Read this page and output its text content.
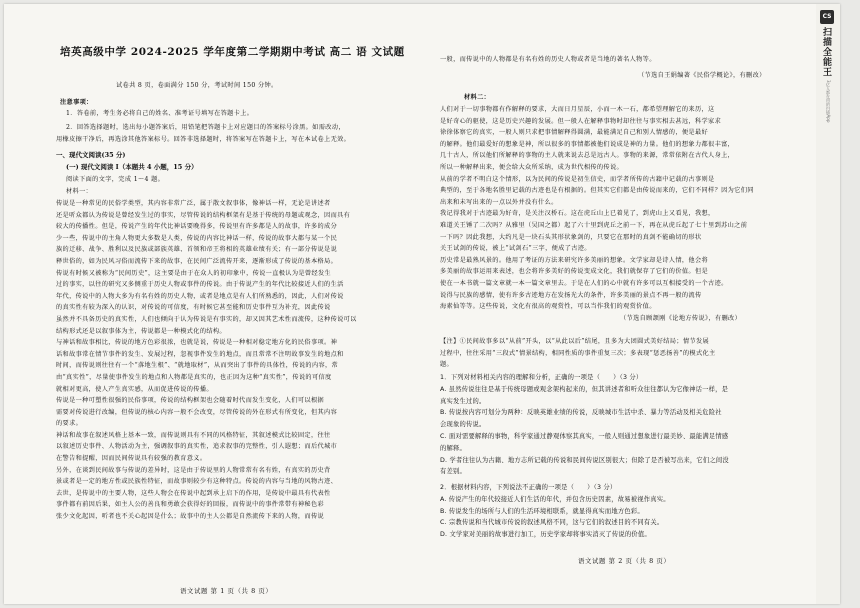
培英高级中学 2024-2025 学年度第二学期期中考试 高二 语 文试题
试卷共 8 页，卷面满分 150 分，考试时间 150 分钟。
注意事项：
1．答卷前，考生务必将自己的姓名、准考证号填写在答题卡上。
2．回答选择题时，选出每小题答案后，用铅笔把答题卡上对应题目的答案标号涂黑。如需改动，
用橡皮擦干净后，再选涂其他答案标号。回答非选择题时，将答案写在答题卡上，写在本试卷上无效。
一、现代文阅读(35 分)
(一) 现代文阅读 I（本题共 4 小题，15 分）
阅读下面的文字，完成 1～4 题。
材料一：
传说是一种常见的民俗学类型，其内容非常广泛，属于散文叙事体，像神话一样，无论是讲述者
还是听众都认为传说是曾经发生过的事实，尽管传说的结构框架有是基于传统的母题或观念，因而具有
较大的传播性。但是，传说产生的年代比神话要晚得多，传说里有许多都是人的故事，许多的成分
少一些，传说中的主角人物更大多数是人类，传说的内容比神话一样，传说的故事大都与某一个民
族的迁移、战争、胜利以及民族或部族英雄、首领和帝王将相的英雄业绩有关；有一部分传说是说
释世俗的，如为民风习俗而流传下来的故事，在民间广泛流传开来，逐渐形成了传说的基本格局。
传说有时候又被称为“民间历史”，这主要是由于在众人的初印象中，传说一直极认为是曾经发生
过的事实，以往的研究又多侧重于历史人物或事件的传说。由于传说产生的年代比较接近人们的生活
年代，传说中的人物大多为有名有姓的历史人物，或者是地点是有人们所熟悉的，因此，人们对传说
的真实性有较为深入的认识，对传说的可信度，有时候它甚至能和历史事件互为补充，因此传说
虽然并不具备历史的真实性，人们也倾向于认为传说是有事实的，却又因其艺术性而流传，这种传说可以
结构形式还是以叙事体为主，传说都是一种模式化的结构。
与神话和故事相比，传说的地方色彩很浓，也就是说，传说是一种相对稳定地方化的民俗事项。神
话和故事常在情节事件的发生、发展过程，忽视事件发生的地点，而且常常不注明故事发生的地点和
时间，而传说则往往有一个“落地生根”、“就地取材”，从而突出了事件的具体性，传说的内容，常
由“真实性”，尽量使事件发生的地点和人物都是真实的，也正因为这种“真实性”，传说的可信度
就相对更高，使人产生真实感，从而促进传说的传播。
传说是一种可塑性很强的民俗事项，传说的结构框架也会随着时代而发生变化，人们可以根据
需要对传说进行改编，但传说的核心内容一般不会改变，尽管传说的外在形式有所变化，但其内容
的要求。
神话和故事在叙述风格上基本一致，而传说则具有不同的风格特征，其叙述模式比较固定，往往
以叙述历史事件、人物活动为主，强调叙事的真实性，追求叙事的完整性，引人遐想；而后代城市
在警告和提醒，因而民间传说具有较强的教育意义。
另外，在谈到民间故事与传说的差异时，这是由于传说里的人物常常有名有姓，有真实的历史背
景或者是一定的地方性或民族性特征，而故事则较少有这种特点。传说的内容与当地的风物古迹、
去世，是传说中的主要人物，这些人物会在传说中起到承上启下的作用，是传说中最具有代表性
事件都有前因后果，如主人公的善良和勇敢会获得好的回报，而传说中的事件常带有神秘色彩
张少文化起因，听者也不关心起因是什么；故事中的主人公都是自然流传下来的人物，而传说
语文试题 第 1 页（共 8 页）
一般，而传说中的人物都是有名有姓的历史人物或者是当地的著名人物等。
（节选自王娟编著《民俗学概论》，有删改）
材料二：
人们对于一切事物都有作解释的要求，大而日月星辰，小而一木一石，都希望理解它的来历，这
是好奇心的驱使，这是历史兴趣的发展。但一般人在解释事物时却往往与事实相去甚远，科学家求
徐徐体察它的真实，一般人则只求把事情解释得圆满，最能满足自己和别人情感的，便是最好
的解释。他们最爱好的想象是神，所以很多的事情都被他们说成是神的力量。他们的想象力都很丰富，
几十古人，所以他们所解释的事物的主人就来说去总是远古人。事物的来源，常常依附在古代人身上，
所以一种解释出来，便会给大众所采纳，成为世代相传的传说。
从前的学者不明白这个情形，以为民间的传说是初生信史，而学者所传的古籍中记载的古事则是
典型的，至于各地名胜里记载的古迹也是有根据的。但其实它们都是由传说而来的，它们不同样？因为它们同
出来和未写出来的一点以外并没有什么。
我记得我对于古迹最为好奇，是关注汉桥石。这在虎丘山上已着见了，到虎山上又看见，我想，
难道关王锤了二次吗？从雅里（吴国之都）起了六十里到虎丘之前一下，再在从虎丘起了七十里到苏山之前
一下吗？因此我想，大约凡是一块石头其形状象剑的，只要它在那时的真剑不能确切的形状
关王试剑的传说，被上“试剑石”三字，便成了古迹。
历史常是最熟风景的。他用了考证的方法来研究许多美丽的想象。文学家却是诗人情，他会将
多美丽的故事运用来表述，也会将许多美好的传说变成文化，我们就保存了它们的价值。但是
使在一本书就一篇文章就一本一篇文章里去。于是在人们的心中就有许多可以互相接受的一个古迹。
说得与民族的感情，使有许多古迹地方在发扬光大的条件，许多美丽的景点不再一般的流传
海素仙等等。这些传说，文化有很高的观赏性，可以当作我们的观赏价值。
（节选自顾颉刚《论地方传说》，有删改）
【注】①民间故事多以“从前”开头，以“从此以后”结尾，且多为大团圆式美好结局；情节发展
过程中，往往采用“三段式”情景结构，相同性质的事件重复三次；多表现“惩恶扬善”的模式化主
题。
1．下列对材料相关内容的理解和分析，正确的一项是（　　）（3 分）
A. 虽然传说往往是基于传统母题或观念架构起来的，但其讲述者和听众往往都认为它像神话一样，是
真实发生过的。
B. 传说按内容可划分为两种：反映英雄业绩的传说，反映城市生活中杀、暴力等活动及相关危险社
会现象的传说。
C. 面对需要解释的事物，科学家通过静观体察其真实，一般人则通过想象进行最美妙、最能满足情感
的解释。
D. 学者往往认为古籍、地方志所记载的传说和民间传说区别很大；但除了是否被写出来，它们之间没
有差别。
2．根据材料内容，下列说法不正确的一项是（　　）（3 分）
A. 传说产生的年代较接近人们生活的年代，并包含历史因素，故易被视作真实。
B. 传说发生的场所与人们的生活环境相联系，就显得真实而地方色彩。
C. 宗教传说和当代城市传说的叙述风格不同，这与它们的叙述目的不同有关。
D. 文学家对美丽的故事进行加工，历史学家却将事实消灭了传说的价值。
语文试题 第 2 页（共 8 页）
CS
扫描全能王
3亿人都在用的扫描App
